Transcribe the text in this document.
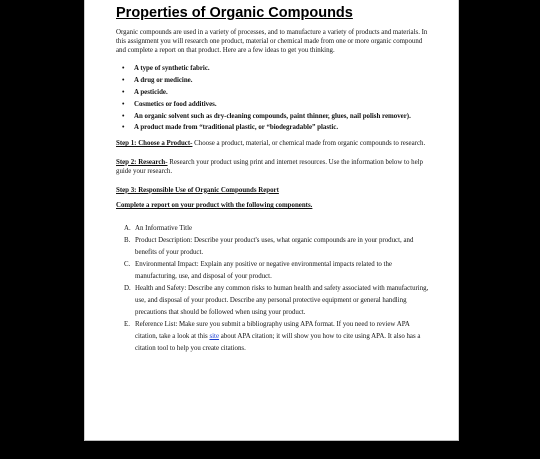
Properties of Organic Compounds

Organic compounds are used in a variety of processes, and to manufacture a variety of products and materials. In this assignment you will research one product, material or chemical made from one or more organic compound and complete a report on that product. Here are a few ideas to get you thinking.

• A type of synthetic fabric.
• A drug or medicine.
• A pesticide.
• Cosmetics or food additives.
• An organic solvent such as dry-cleaning compounds, paint thinner, glues, nail polish remover).
• A product made from “traditional plastic, or “biodegradable” plastic.

Step 1: Choose a Product- Choose a product, material, or chemical made from organic compounds to research.

Step 2: Research- Research your product using print and internet resources. Use the information below to help guide your research.

Step 3: Responsible Use of Organic Compounds Report

Complete a report on your product with the following components.

A. An Informative Title
B. Product Description: Describe your product's uses, what organic compounds are in your product, and benefits of your product.
C. Environmental Impact: Explain any positive or negative environmental impacts related to the manufacturing, use, and disposal of your product.
D. Health and Safety: Describe any common risks to human health and safety associated with manufacturing, use, and disposal of your product. Describe any personal protective equipment or general handling precautions that should be followed when using your product.
E. Reference List: Make sure you submit a bibliography using APA format. If you need to review APA citation, take a look at this site about APA citation; it will show you how to cite using APA. It also has a citation tool to help you create citations.
